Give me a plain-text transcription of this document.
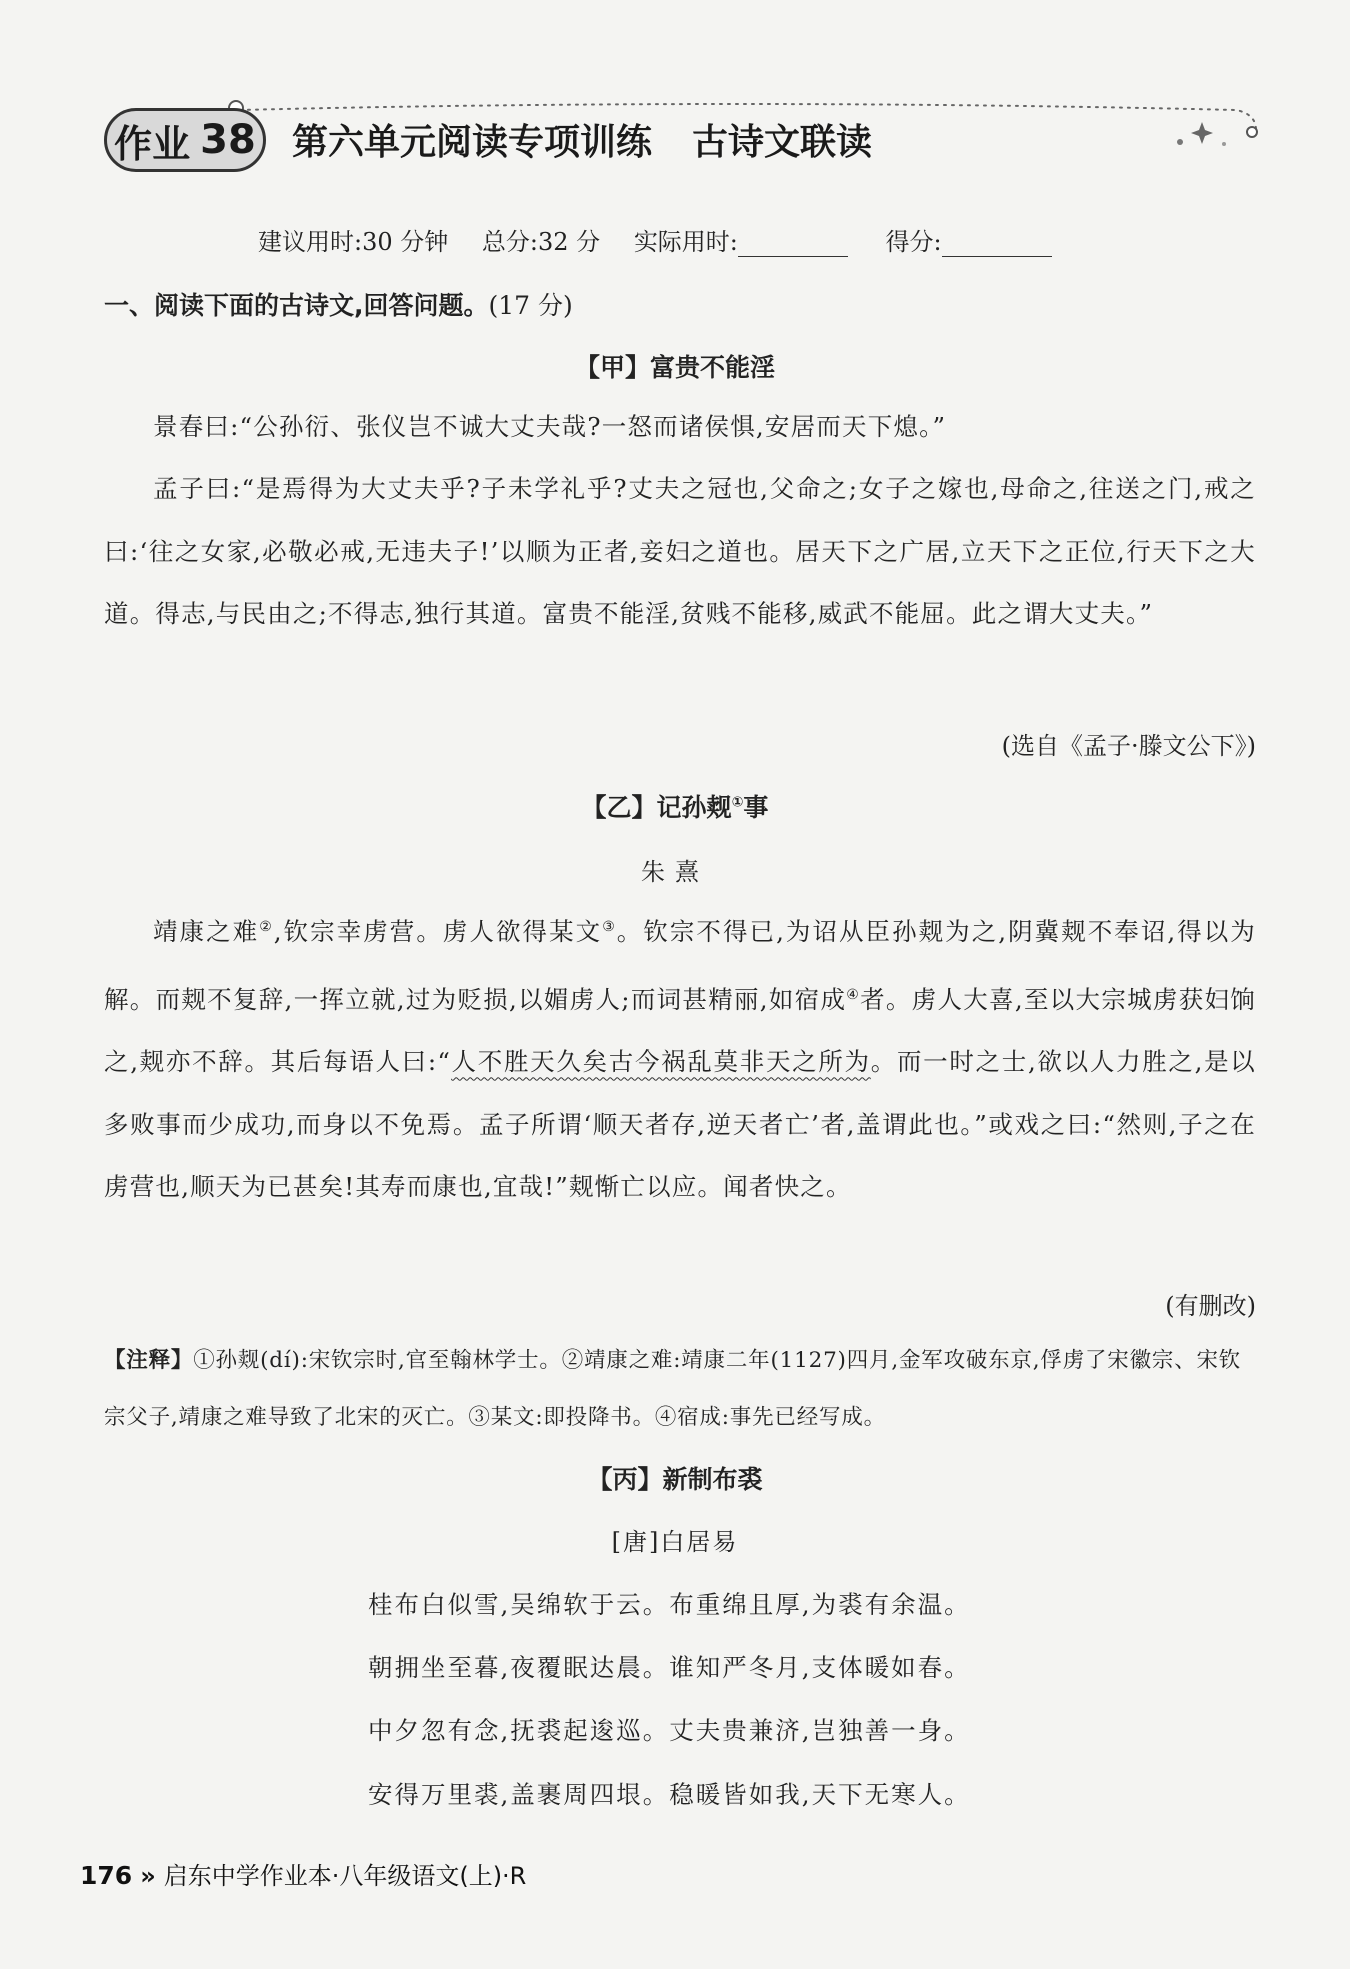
作业 38 第六单元阅读专项训练 古诗文联读
建议用时:30 分钟 总分:32 分 实际用时:	得分:
一、阅读下面的古诗文,回答问题。(17 分)
【甲】富贵不能淫

景春曰:“公孙衍、张仪岂不诚大丈夫哉?一怒而诸侯惧,安居而天下熄。”

孟子曰:“是焉得为大丈夫乎?子未学礼乎?丈夫之冠也,父命之;女子之嫁也,母命之,往送之门,戒之曰:‘往之女家,必敬必戒,无违夫子!’以顺为正者,妾妇之道也。居天下之广居,立天下之正位,行天下之大道。得志,与民由之;不得志,独行其道。富贵不能淫,贫贱不能移,威武不能屈。此之谓大丈夫。”

(选自《孟子·滕文公下》)
【乙】记孙觌①事
朱熹

靖康之难②,钦宗幸虏营。虏人欲得某文③。钦宗不得已,为诏从臣孙觌为之,阴冀觌不奉诏,得以为解。而觌不复辞,一挥立就,过为贬损,以媚虏人;而词甚精丽,如宿成④者。虏人大喜,至以大宗城虏获妇饷之,觌亦不辞。其后每语人曰:“人不胜天久矣古今祸乱莫非天之所为。而一时之士,欲以人力胜之,是以多败事而少成功,而身以不免焉。孟子所谓‘顺天者存,逆天者亡’者,盖谓此也。”或戏之曰:“然则,子之在虏营也,顺天为已甚矣!其寿而康也,宜哉!”觌惭亡以应。闻者快之。

(有删改)

【注释】①孙觌(dí):宋钦宗时,官至翰林学士。②靖康之难:靖康二年(1127)四月,金军攻破东京,俘虏了宋徽宗、宋钦宗父子,靖康之难导致了北宋的灭亡。③某文:即投降书。④宿成:事先已经写成。

【丙】新制布裘
[唐]白居易
桂布白似雪,吴绵软于云。布重绵且厚,为裘有余温。
朝拥坐至暮,夜覆眠达晨。谁知严冬月,支体暖如春。
中夕忽有念,抚裘起逡巡。丈夫贵兼济,岂独善一身。
安得万里裘,盖裹周四垠。稳暖皆如我,天下无寒人。
176 » 启东中学作业本·八年级语文(上)·R
